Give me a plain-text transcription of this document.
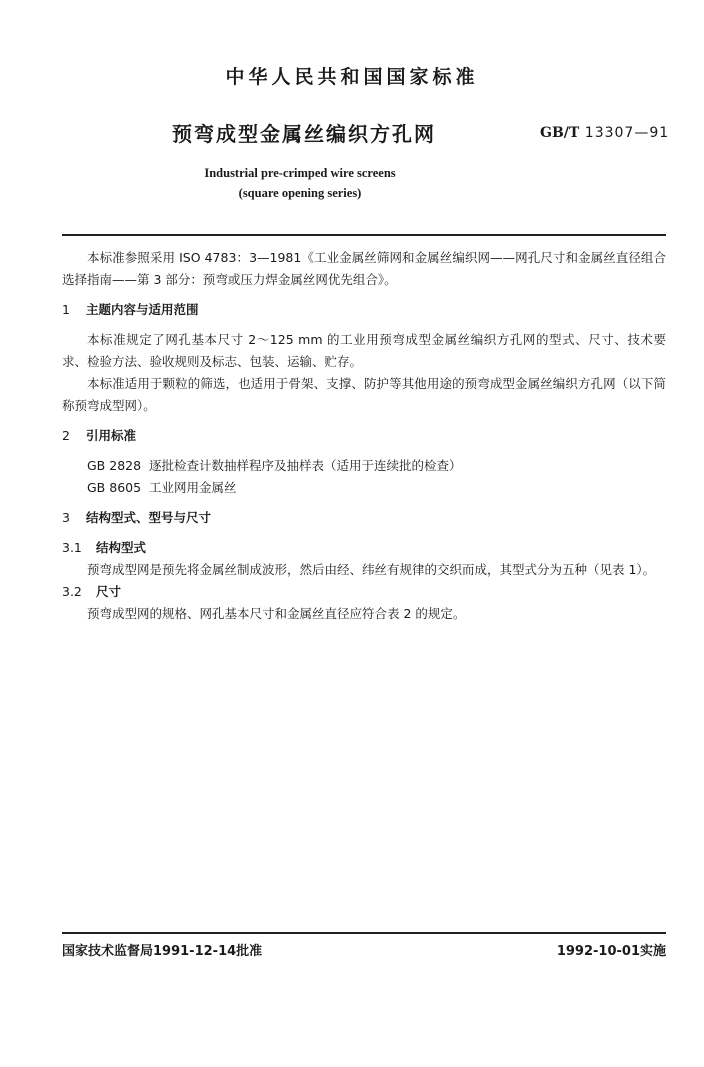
中华人民共和国国家标准
预弯成型金属丝编织方孔网	GB/T 13307—91
Industrial pre-crimped wire screens
(square opening series)

本标准参照采用 ISO 4783：3—1981《工业金属丝筛网和金属丝编织网——网孔尺寸和金属丝直径组合选择指南——第 3 部分：预弯或压力焊金属丝网优先组合》。

1 主题内容与适用范围

本标准规定了网孔基本尺寸 2～125 mm 的工业用预弯成型金属丝编织方孔网的型式、尺寸、技术要求、检验方法、验收规则及标志、包装、运输、贮存。

本标准适用于颗粒的筛选，也适用于骨架、支撑、防护等其他用途的预弯成型金属丝编织方孔网（以下简称预弯成型网）。

2 引用标准

GB 2828 逐批检查计数抽样程序及抽样表（适用于连续批的检查）

GB 8605 工业网用金属丝

3 结构型式、型号与尺寸

3.1 结构型式

预弯成型网是预先将金属丝制成波形，然后由经、纬丝有规律的交织而成，其型式分为五种（见表 1）。

3.2 尺寸

预弯成型网的规格、网孔基本尺寸和金属丝直径应符合表 2 的规定。

国家技术监督局1991-12-14批准	1992-10-01实施
